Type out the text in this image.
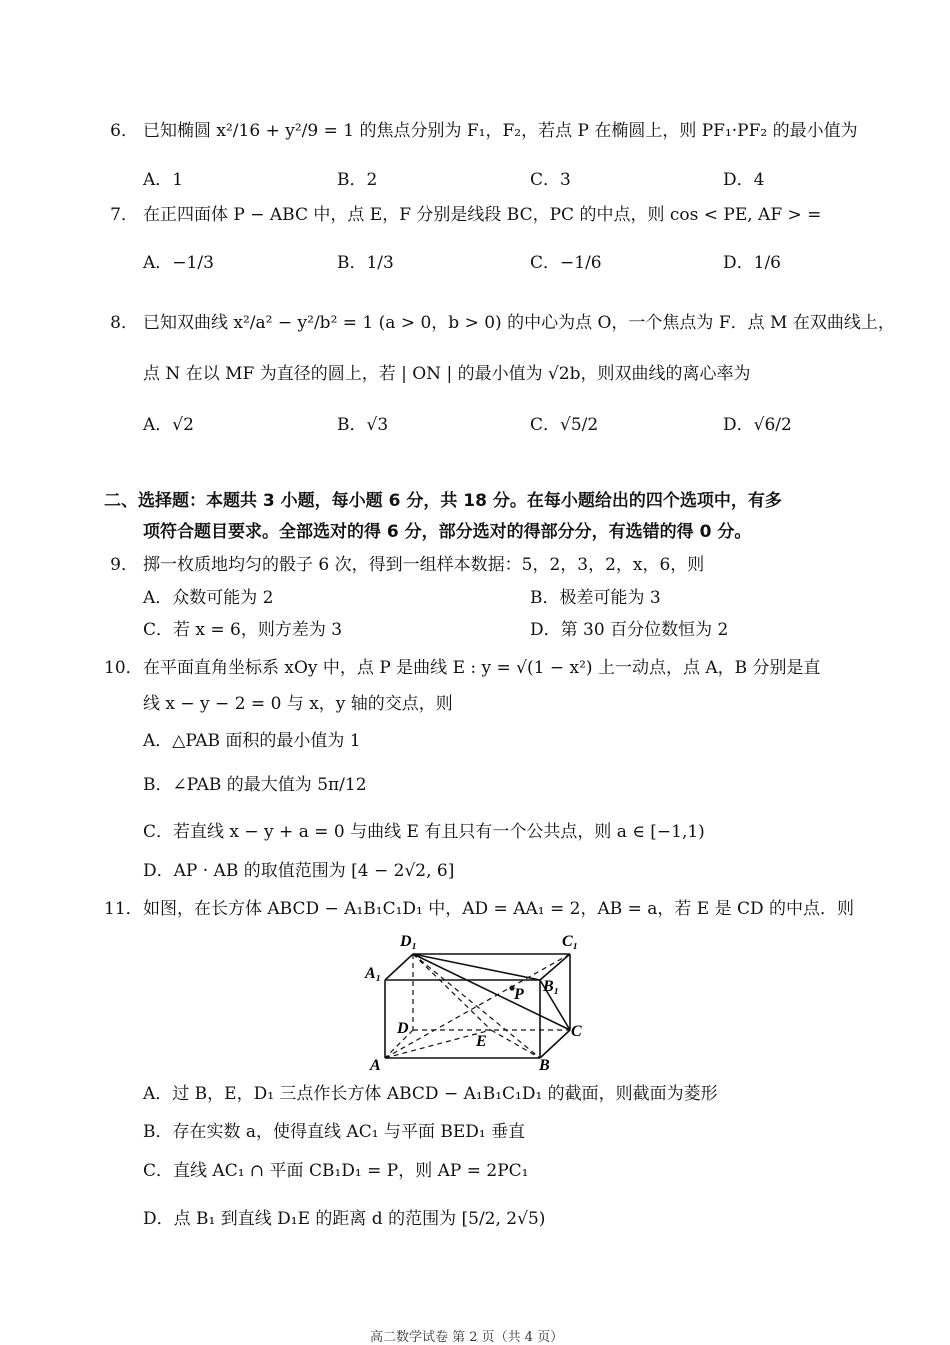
6． 已知椭圆 x²/16 + y²/9 = 1 的焦点分别为 F₁，F₂，若点 P 在椭圆上，则 PF₁·PF₂ 的最小值为
A．1	B．2	C．3	D．4
7． 在正四面体 P − ABC 中，点 E，F 分别是线段 BC，PC 的中点，则 cos < PE, AF > =
A．−1/3	B．1/3	C．−1/6	D．1/6
8． 已知双曲线 x²/a² − y²/b² = 1 (a > 0，b > 0) 的中心为点 O，一个焦点为 F．点 M 在双曲线上，
点 N 在以 MF 为直径的圆上，若 | ON | 的最小值为 √2b，则双曲线的离心率为
A．√2	B．√3	C．√5/2	D．√6/2
二、选择题：本题共 3 小题，每小题 6 分，共 18 分。在每小题给出的四个选项中，有多
项符合题目要求。全部选对的得 6 分，部分选对的得部分分，有选错的得 0 分。
9． 掷一枚质地均匀的骰子 6 次，得到一组样本数据：5，2，3，2，x，6，则
A．众数可能为 2	B．极差可能为 3
C．若 x = 6，则方差为 3	D．第 30 百分位数恒为 2
10． 在平面直角坐标系 xOy 中，点 P 是曲线 E : y = √(1 − x²) 上一动点，点 A，B 分别是直
线 x − y − 2 = 0 与 x，y 轴的交点，则
A．△PAB 面积的最小值为 1
B．∠PAB 的最大值为 5π/12
C．若直线 x − y + a = 0 与曲线 E 有且只有一个公共点，则 a ∈ [−1,1)
D．AP · AB 的取值范围为 [4 − 2√2, 6]
11． 如图，在长方体 ABCD − A₁B₁C₁D₁ 中，AD = AA₁ = 2，AB = a，若 E 是 CD 的中点．则
D₁	C₁
A₁
B₁
P
D
E
C
A	B
A．过 B，E，D₁ 三点作长方体 ABCD − A₁B₁C₁D₁ 的截面，则截面为菱形
B．存在实数 a，使得直线 AC₁ 与平面 BED₁ 垂直
C．直线 AC₁ ∩ 平面 CB₁D₁ = P，则 AP = 2PC₁
D．点 B₁ 到直线 D₁E 的距离 d 的范围为 [5/2, 2√5)
高二数学试卷 第 2 页（共 4 页）
